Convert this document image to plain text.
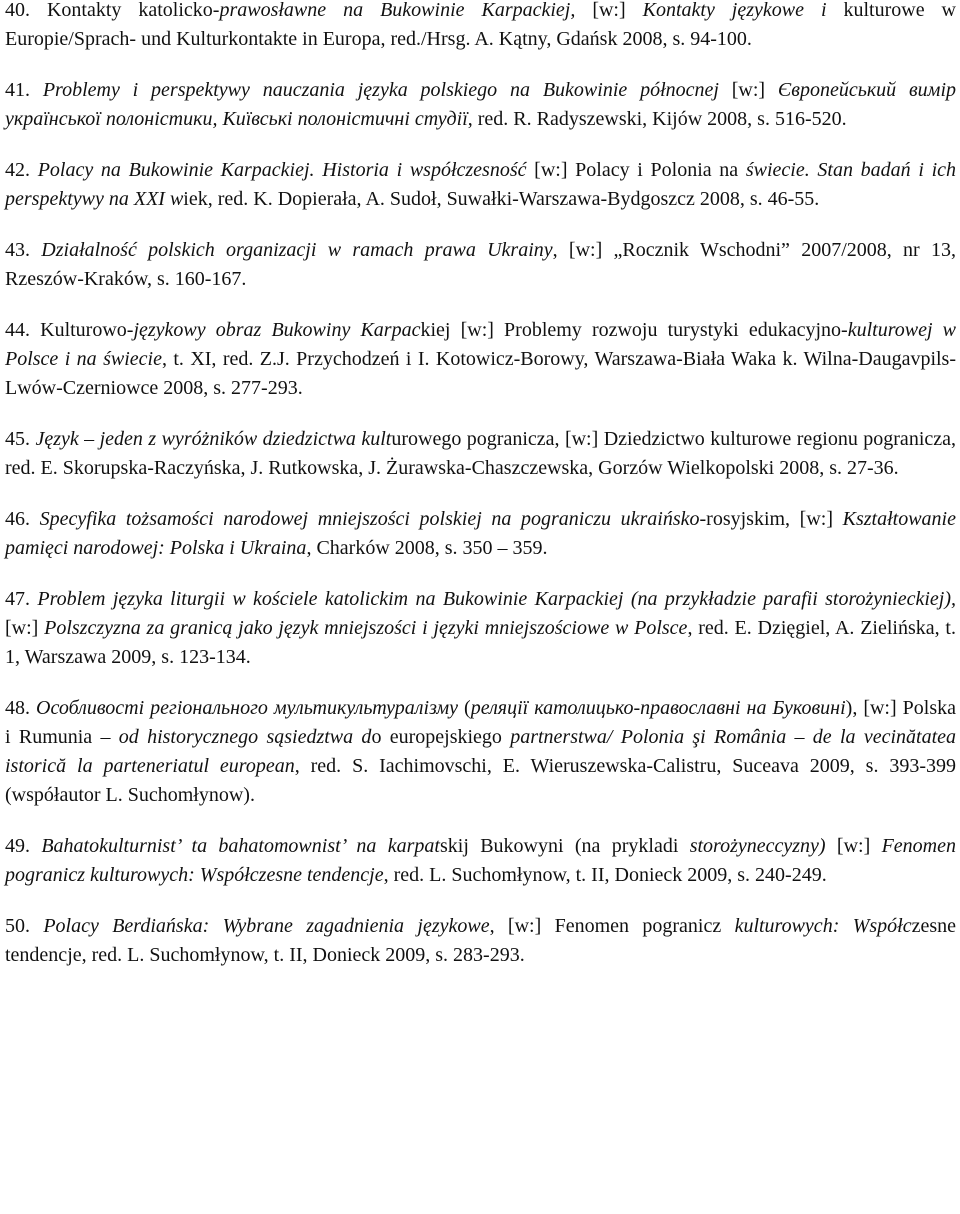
40. Kontakty katolicko-prawosławne na Bukowinie Karpackiej, [w:] Kontakty językowe i kulturowe w Europie/Sprach- und Kulturkontakte in Europa, red./Hrsg. A. Kątny, Gdańsk 2008, s. 94-100.

41. Problemy i perspektywy nauczania języka polskiego na Bukowinie północnej [w:] Європейський вимір української полоністики, Київські полоністичні студії, red. R. Radyszewski, Kijów 2008, s. 516-520.

42. Polacy na Bukowinie Karpackiej. Historia i współczesność [w:] Polacy i Polonia na świecie. Stan badań i ich perspektywy na XXI wiek, red. K. Dopierała, A. Sudoł, Suwałki-Warszawa-Bydgoszcz 2008, s. 46-55.

43. Działalność polskich organizacji w ramach prawa Ukrainy, [w:] „Rocznik Wschodni” 2007/2008, nr 13, Rzeszów-Kraków, s. 160-167.

44. Kulturowo-językowy obraz Bukowiny Karpackiej [w:] Problemy rozwoju turystyki edukacyjno-kulturowej w Polsce i na świecie, t. XI, red. Z.J. Przychodzeń i I. Kotowicz-Borowy, Warszawa-Biała Waka k. Wilna-Daugavpils-Lwów-Czerniowce 2008, s. 277-293.

45. Język – jeden z wyróżników dziedzictwa kulturowego pogranicza, [w:] Dziedzictwo kulturowe regionu pogranicza, red. E. Skorupska-Raczyńska, J. Rutkowska, J. Żurawska-Chaszczewska, Gorzów Wielkopolski 2008, s. 27-36.

46. Specyfika tożsamości narodowej mniejszości polskiej na pograniczu ukraińsko-rosyjskim, [w:] Kształtowanie pamięci narodowej: Polska i Ukraina, Charków 2008, s. 350 – 359.

47. Problem języka liturgii w kościele katolickim na Bukowinie Karpackiej (na przykładzie parafii storożynieckiej), [w:] Polszczyzna za granicą jako język mniejszości i języki mniejszościowe w Polsce, red. E. Dzięgiel, A. Zielińska, t. 1, Warszawa 2009, s. 123-134.

48. Особливості регіонального мультикультуралізму (реляції католицько-православні на Буковині), [w:] Polska i Rumunia – od historycznego sąsiedztwa do europejskiego partnerstwa/ Polonia şi România – de la vecinătatea istorică la parteneriatul european, red. S. Iachimovschi, E. Wieruszewska-Calistru, Suceava 2009, s. 393-399 (współautor L. Suchomłynow).

49. Bahatokulturnist’ ta bahatomownist’ na karpatskij Bukowyni (na prykladi storożyneccyzny) [w:] Fenomen pogranicz kulturowych: Współczesne tendencje, red. L. Suchomłynow, t. II, Donieck 2009, s. 240-249.

50. Polacy Berdiańska: Wybrane zagadnienia językowe, [w:] Fenomen pogranicz kulturowych: Współczesne tendencje, red. L. Suchomłynow, t. II, Donieck 2009, s. 283-293.
